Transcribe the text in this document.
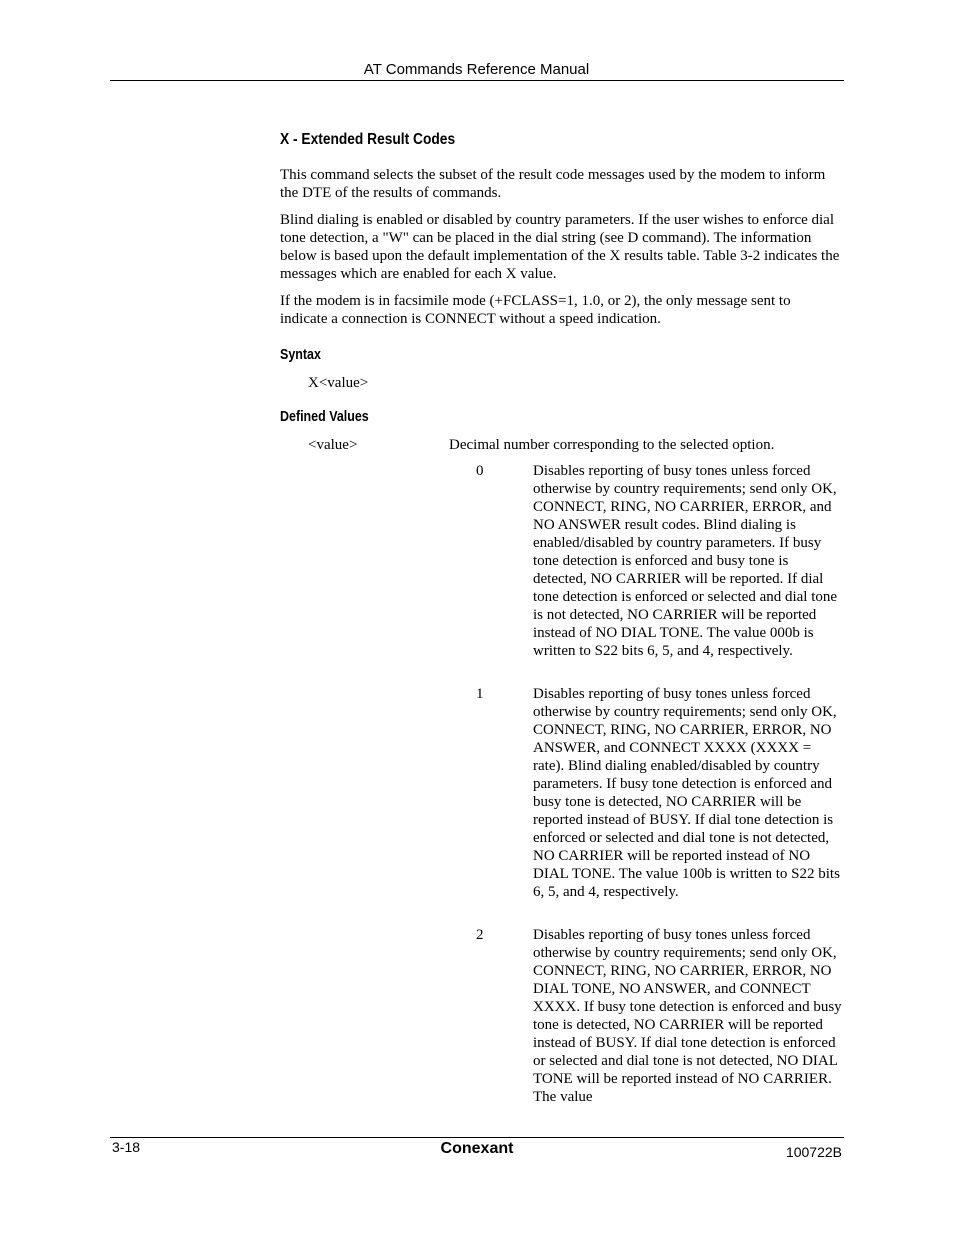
AT Commands Reference Manual
X - Extended Result Codes

This command selects the subset of the result code messages used by the modem to inform the DTE of the results of commands.

Blind dialing is enabled or disabled by country parameters. If the user wishes to enforce dial tone detection, a "W" can be placed in the dial string (see D command). The information below is based upon the default implementation of the X results table. Table 3-2 indicates the messages which are enabled for each X value.

If the modem is in facsimile mode (+FCLASS=1, 1.0, or 2), the only message sent to indicate a connection is CONNECT without a speed indication.

Syntax
X<value>
Defined Values
<value>	Decimal number corresponding to the selected option.
0	Disables reporting of busy tones unless forced otherwise by country requirements; send only OK, CONNECT, RING, NO CARRIER, ERROR, and NO ANSWER result codes. Blind dialing is enabled/disabled by country parameters. If busy tone detection is enforced and busy tone is detected, NO CARRIER will be reported. If dial tone detection is enforced or selected and dial tone is not detected, NO CARRIER will be reported instead of NO DIAL TONE. The value 000b is written to S22 bits 6, 5, and 4, respectively.
1	Disables reporting of busy tones unless forced otherwise by country requirements; send only OK, CONNECT, RING, NO CARRIER, ERROR, NO ANSWER, and CONNECT XXXX (XXXX = rate). Blind dialing enabled/disabled by country parameters. If busy tone detection is enforced and busy tone is detected, NO CARRIER will be reported instead of BUSY. If dial tone detection is enforced or selected and dial tone is not detected, NO CARRIER will be reported instead of NO DIAL TONE. The value 100b is written to S22 bits 6, 5, and 4, respectively.
2	Disables reporting of busy tones unless forced otherwise by country requirements; send only OK, CONNECT, RING, NO CARRIER, ERROR, NO DIAL TONE, NO ANSWER, and CONNECT XXXX. If busy tone detection is enforced and busy tone is detected, NO CARRIER will be reported instead of BUSY. If dial tone detection is enforced or selected and dial tone is not detected, NO DIAL TONE will be reported instead of NO CARRIER. The value
3-18	Conexant	100722B
